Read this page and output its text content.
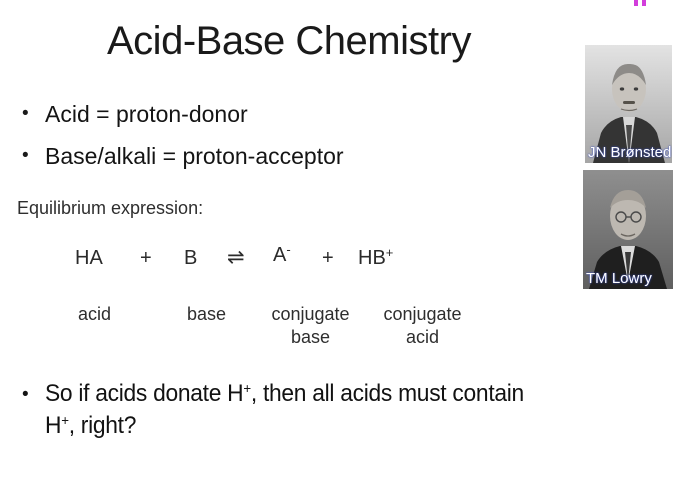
Acid-Base Chemistry
• Acid = proton-donor
• Base/alkali = proton-acceptor
Equilibrium expression:
HA + B ⇌ A- + HB+
acid	base	conjugate
base
conjugate
acid
• So if acids donate H+, then all acids must contain
H+, right?
JN Brønsted
TM Lowry
